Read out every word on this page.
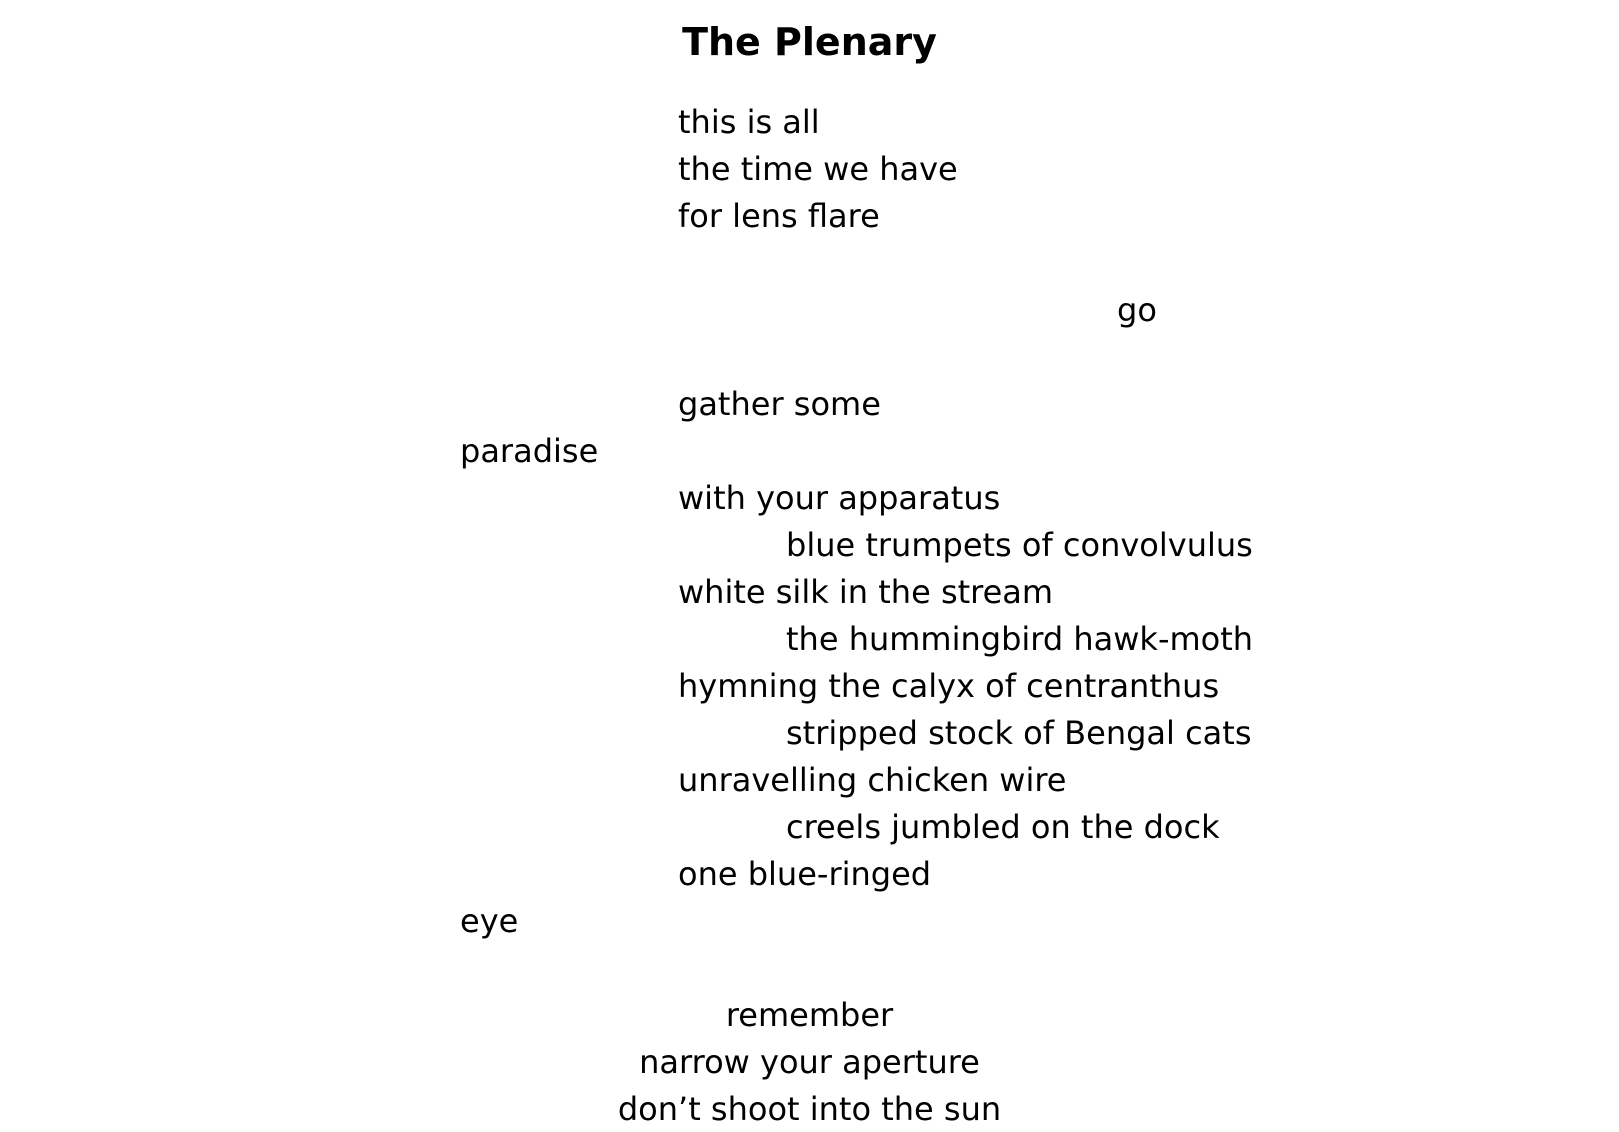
The Plenary

this is all

the time we have

for lens flare

go

gather some

paradise

with your apparatus

blue trumpets of convolvulus

white silk in the stream

the hummingbird hawk-moth

hymning the calyx of centranthus

stripped stock of Bengal cats

unravelling chicken wire

creels jumbled on the dock

one blue-ringed

eye

remember

narrow your aperture

don’t shoot into the sun
